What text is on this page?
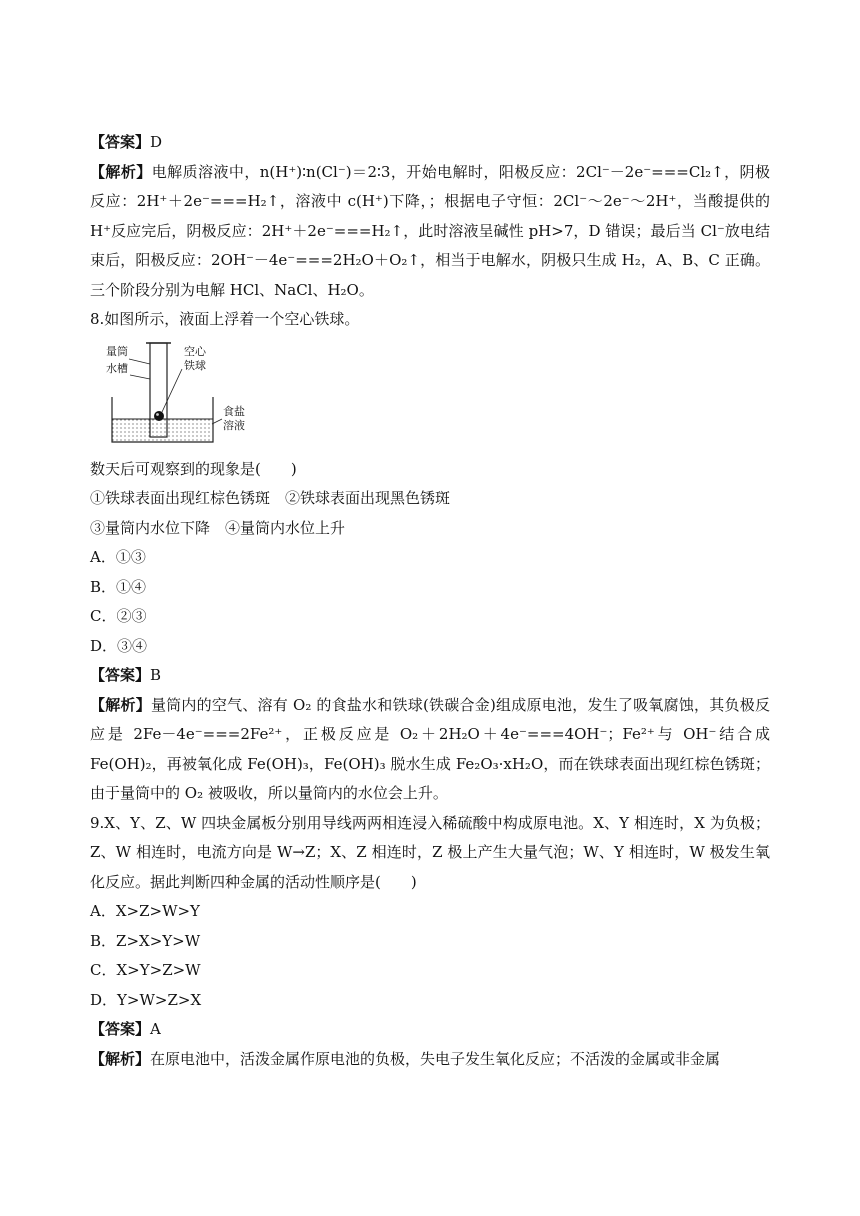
【答案】D
【解析】电解质溶液中，n(H⁺)∶n(Cl⁻)＝2∶3，开始电解时，阳极反应：2Cl⁻－2e⁻===Cl₂↑，阴极反应：2H⁺＋2e⁻===H₂↑，溶液中 c(H⁺)下降，；根据电子守恒：2Cl⁻～2e⁻～2H⁺，当酸提供的 H⁺反应完后，阴极反应：2H⁺＋2e⁻===H₂↑，此时溶液呈碱性 pH>7，D 错误；最后当 Cl⁻放电结束后，阳极反应：2OH⁻－4e⁻===2H₂O＋O₂↑，相当于电解水，阴极只生成 H₂，A、B、C 正确。三个阶段分别为电解 HCl、NaCl、H₂O。
8.如图所示，液面上浮着一个空心铁球。
量筒
水槽
空心
铁球
食盐
溶液
数天后可观察到的现象是(　　)
①铁球表面出现红棕色锈斑　②铁球表面出现黑色锈斑
③量筒内水位下降　④量筒内水位上升
A．①③
B．①④
C．②③
D．③④
【答案】B
【解析】量筒内的空气、溶有 O₂ 的食盐水和铁球(铁碳合金)组成原电池，发生了吸氧腐蚀，其负极反应是 2Fe－4e⁻===2Fe²⁺，正极反应是 O₂＋2H₂O＋4e⁻===4OH⁻；Fe²⁺与 OH⁻结合成 Fe(OH)₂，再被氧化成 Fe(OH)₃，Fe(OH)₃ 脱水生成 Fe₂O₃·xH₂O，而在铁球表面出现红棕色锈斑；由于量筒中的 O₂ 被吸收，所以量筒内的水位会上升。
9.X、Y、Z、W 四块金属板分别用导线两两相连浸入稀硫酸中构成原电池。X、Y 相连时，X 为负极；Z、W 相连时，电流方向是 W→Z；X、Z 相连时，Z 极上产生大量气泡；W、Y 相连时，W 极发生氧化反应。据此判断四种金属的活动性顺序是(　　)
A．X>Z>W>Y
B．Z>X>Y>W
C．X>Y>Z>W
D．Y>W>Z>X
【答案】A
【解析】在原电池中，活泼金属作原电池的负极，失电子发生氧化反应；不活泼的金属或非金属
